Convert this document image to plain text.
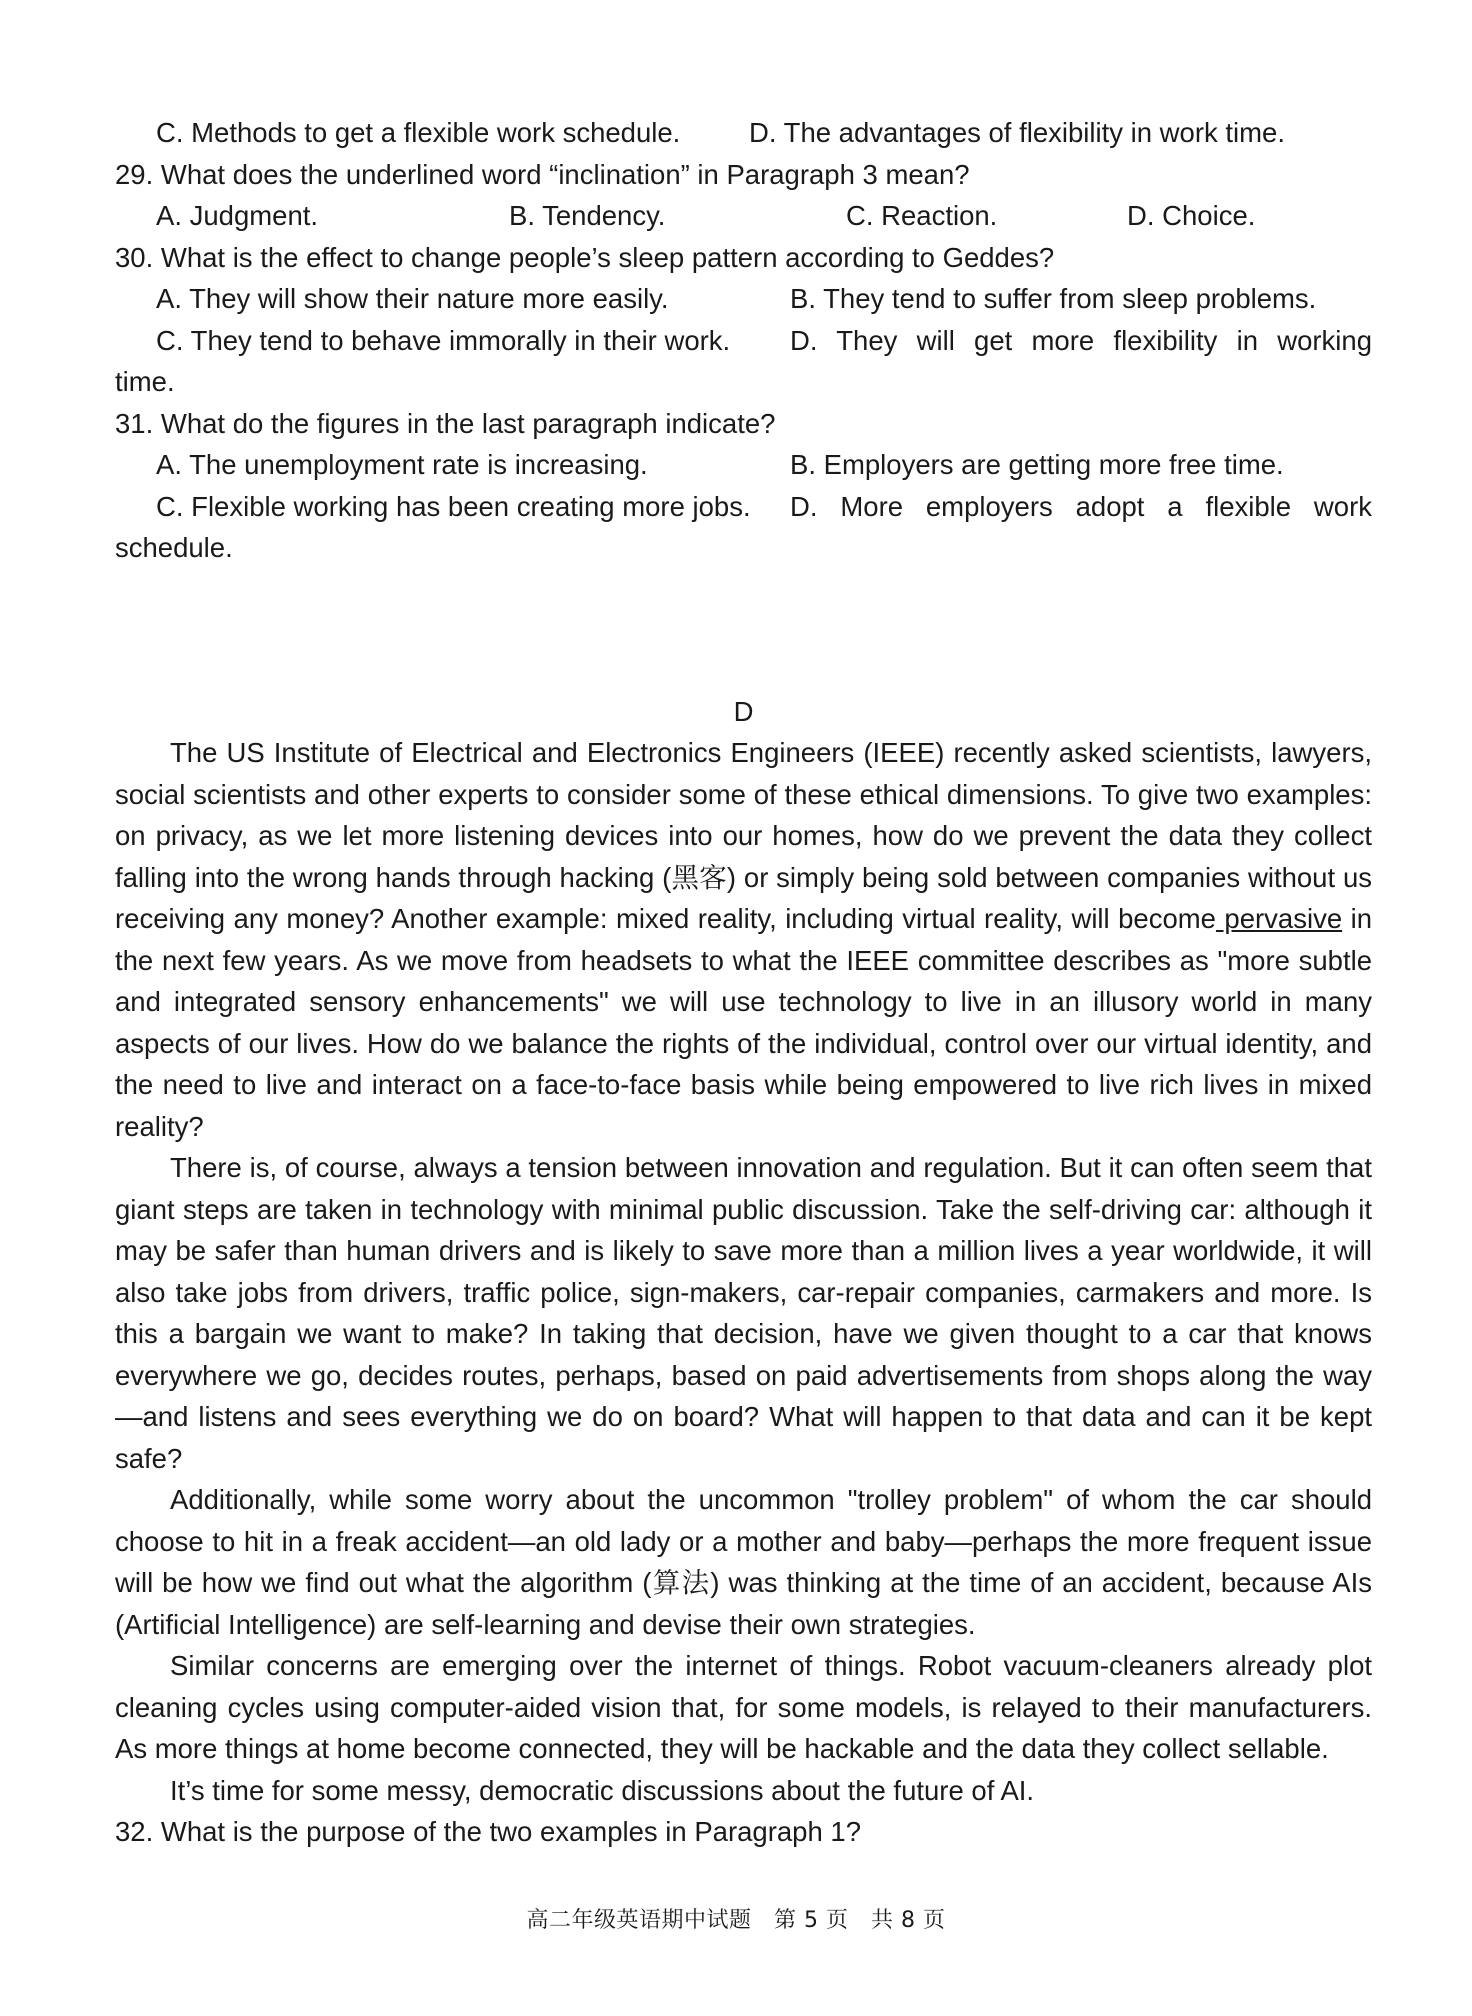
C. Methods to get a flexible work schedule.	D. The advantages of flexibility in work time.
29. What does the underlined word “inclination” in Paragraph 3 mean?
A. Judgment.	B. Tendency.	C. Reaction.	D. Choice.
30. What is the effect to change people’s sleep pattern according to Geddes?
A. They will show their nature more easily.	B. They tend to suffer from sleep problems.
C. They tend to behave immorally in their work.	D. They will get more flexibility in working
time.
31. What do the figures in the last paragraph indicate?
A. The unemployment rate is increasing.	B. Employers are getting more free time.
C. Flexible working has been creating more jobs.	D. More employers adopt a flexible work
schedule.
D

The US Institute of Electrical and Electronics Engineers (IEEE) recently asked scientists, lawyers, social scientists and other experts to consider some of these ethical dimensions. To give two examples: on privacy, as we let more listening devices into our homes, how do we prevent the data they collect falling into the wrong hands through hacking (黑客) or simply being sold between companies without us receiving any money? Another example: mixed reality, including virtual reality, will become pervasive in the next few years. As we move from headsets to what the IEEE committee describes as "more subtle and integrated sensory enhancements" we will use technology to live in an illusory world in many aspects of our lives. How do we balance the rights of the individual, control over our virtual identity, and the need to live and interact on a face-to-face basis while being empowered to live rich lives in mixed reality?

There is, of course, always a tension between innovation and regulation. But it can often seem that giant steps are taken in technology with minimal public discussion. Take the self-driving car: although it may be safer than human drivers and is likely to save more than a million lives a year worldwide, it will also take jobs from drivers, traffic police, sign-makers, car-repair companies, carmakers and more. Is this a bargain we want to make? In taking that decision, have we given thought to a car that knows everywhere we go, decides routes, perhaps, based on paid advertisements from shops along the way—and listens and sees everything we do on board? What will happen to that data and can it be kept safe?

Additionally, while some worry about the uncommon "trolley problem" of whom the car should choose to hit in a freak accident—an old lady or a mother and baby—perhaps the more frequent issue will be how we find out what the algorithm (算法) was thinking at the time of an accident, because AIs (Artificial Intelligence) are self-learning and devise their own strategies.

Similar concerns are emerging over the internet of things. Robot vacuum-cleaners already plot cleaning cycles using computer-aided vision that, for some models, is relayed to their manufacturers. As more things at home become connected, they will be hackable and the data they collect sellable.

It’s time for some messy, democratic discussions about the future of AI.

32. What is the purpose of the two examples in Paragraph 1?
高二年级英语期中试题　第 5 页　共 8 页
